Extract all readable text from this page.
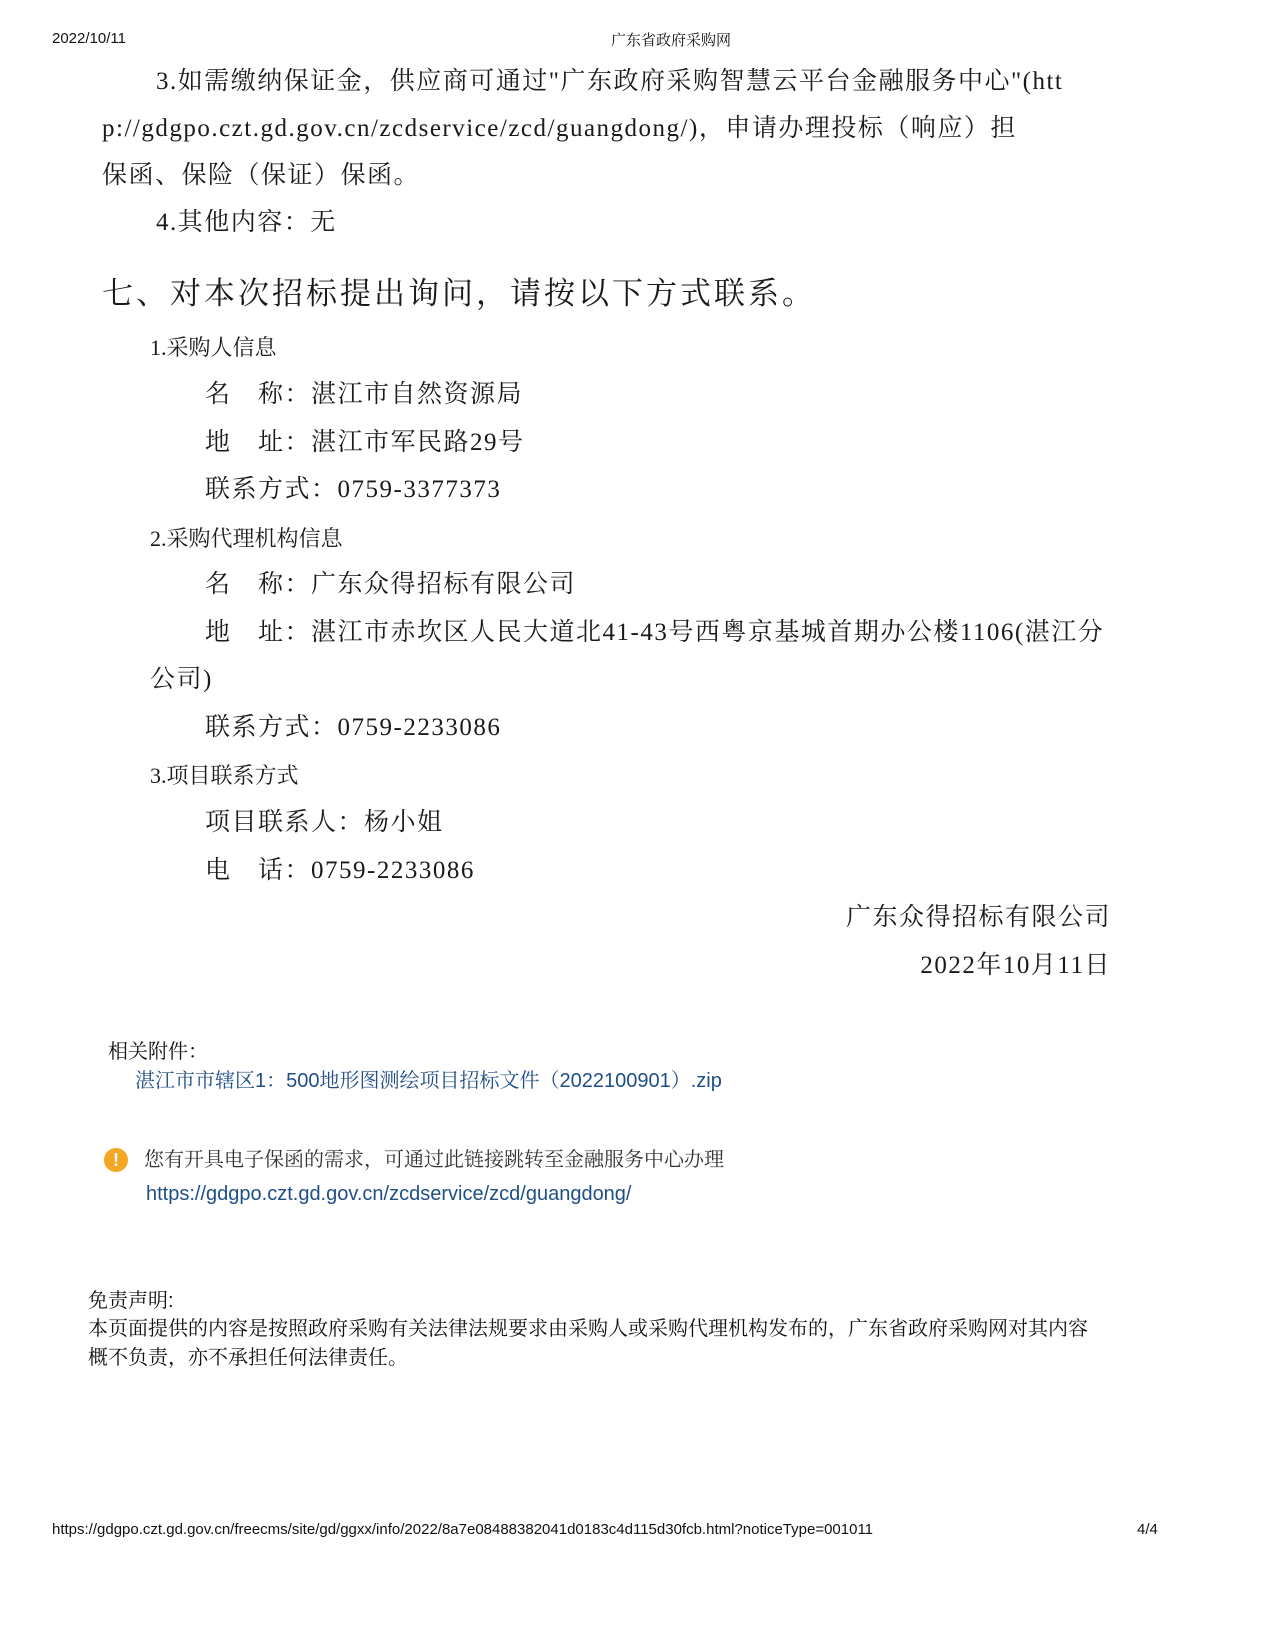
2022/10/11	广东省政府采购网
3.如需缴纳保证金，供应商可通过"广东政府采购智慧云平台金融服务中心"(htt
p://gdgpo.czt.gd.gov.cn/zcdservice/zcd/guangdong/)，申请办理投标（响应）担
保函、保险（保证）保函。
4.其他内容：无
七、对本次招标提出询问，请按以下方式联系。
1.采购人信息
名　称：湛江市自然资源局
地　址：湛江市军民路29号
联系方式：0759-3377373
2.采购代理机构信息
名　称：广东众得招标有限公司
地　址：湛江市赤坎区人民大道北41-43号西粤京基城首期办公楼1106(湛江分
公司)
联系方式：0759-2233086
3.项目联系方式
项目联系人：杨小姐
电　话：0759-2233086
广东众得招标有限公司
2022年10月11日
相关附件：
湛江市市辖区1：500地形图测绘项目招标文件（2022100901）.zip
!	您有开具电子保函的需求，可通过此链接跳转至金融服务中心办理
https://gdgpo.czt.gd.gov.cn/zcdservice/zcd/guangdong/
免责声明:
本页面提供的内容是按照政府采购有关法律法规要求由采购人或采购代理机构发布的，广东省政府采购网对其内容
概不负责，亦不承担任何法律责任。
https://gdgpo.czt.gd.gov.cn/freecms/site/gd/ggxx/info/2022/8a7e08488382041d0183c4d115d30fcb.html?noticeType=001011	4/4
